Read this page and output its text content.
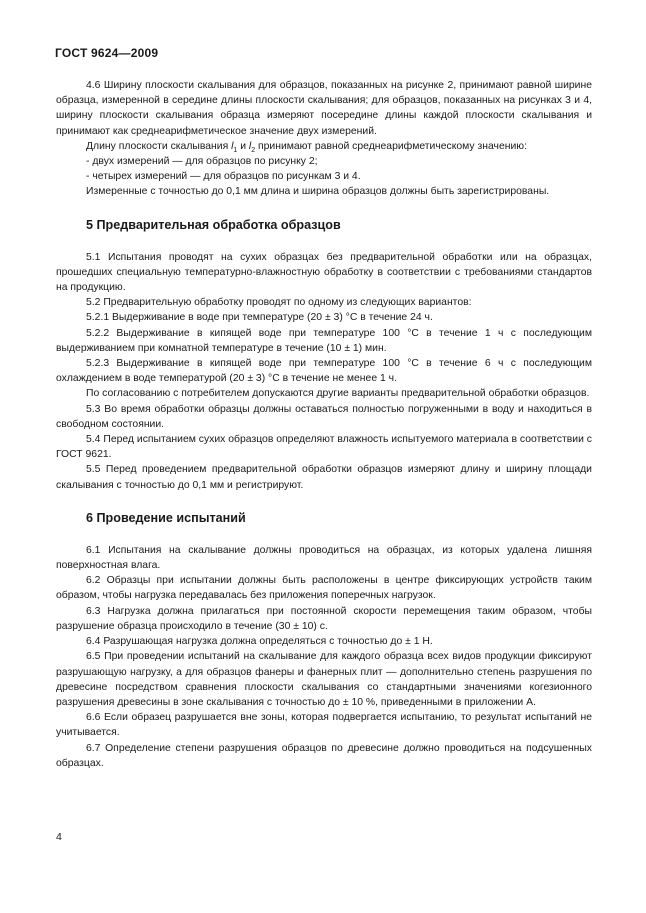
ГОСТ 9624—2009

4.6 Ширину плоскости скалывания для образцов, показанных на рисунке 2, принимают равной ширине образца, измеренной в середине длины плоскости скалывания; для образцов, показанных на рисунках 3 и 4, ширину плоскости скалывания образца измеряют посередине длины каждой плоскости скалывания и принимают как среднеарифметическое значение двух измерений.

Длину плоскости скалывания $l_1$ и $l_2$ принимают равной среднеарифметическому значению:

- двух измерений — для образцов по рисунку 2;

- четырех измерений — для образцов по рисункам 3 и 4.

Измеренные с точностью до 0,1 мм длина и ширина образцов должны быть зарегистрированы.

5 Предварительная обработка образцов

5.1 Испытания проводят на сухих образцах без предварительной обработки или на образцах, прошедших специальную температурно-влажностную обработку в соответствии с требованиями стандартов на продукцию.

5.2 Предварительную обработку проводят по одному из следующих вариантов:

5.2.1 Выдерживание в воде при температуре (20 ± 3) °С в течение 24 ч.

5.2.2 Выдерживание в кипящей воде при температуре 100 °С в течение 1 ч с последующим выдерживанием при комнатной температуре в течение (10 ± 1) мин.

5.2.3 Выдерживание в кипящей воде при температуре 100 °С в течение 6 ч с последующим охлаждением в воде температурой (20 ± 3) °С в течение не менее 1 ч.

По согласованию с потребителем допускаются другие варианты предварительной обработки образцов.

5.3 Во время обработки образцы должны оставаться полностью погруженными в воду и находиться в свободном состоянии.

5.4 Перед испытанием сухих образцов определяют влажность испытуемого материала в соответствии с ГОСТ 9621.

5.5 Перед проведением предварительной обработки образцов измеряют длину и ширину площади скалывания с точностью до 0,1 мм и регистрируют.

6 Проведение испытаний

6.1 Испытания на скалывание должны проводиться на образцах, из которых удалена лишняя поверхностная влага.

6.2 Образцы при испытании должны быть расположены в центре фиксирующих устройств таким образом, чтобы нагрузка передавалась без приложения поперечных нагрузок.

6.3 Нагрузка должна прилагаться при постоянной скорости перемещения таким образом, чтобы разрушение образца происходило в течение (30 ± 10) с.

6.4 Разрушающая нагрузка должна определяться с точностью до ± 1 Н.

6.5 При проведении испытаний на скалывание для каждого образца всех видов продукции фиксируют разрушающую нагрузку, а для образцов фанеры и фанерных плит — дополнительно степень разрушения по древесине посредством сравнения плоскости скалывания со стандартными значениями когезионного разрушения древесины в зоне скалывания с точностью до ± 10 %, приведенными в приложении А.

6.6 Если образец разрушается вне зоны, которая подвергается испытанию, то результат испытаний не учитывается.

6.7 Определение степени разрушения образцов по древесине должно проводиться на подсушенных образцах.

4
